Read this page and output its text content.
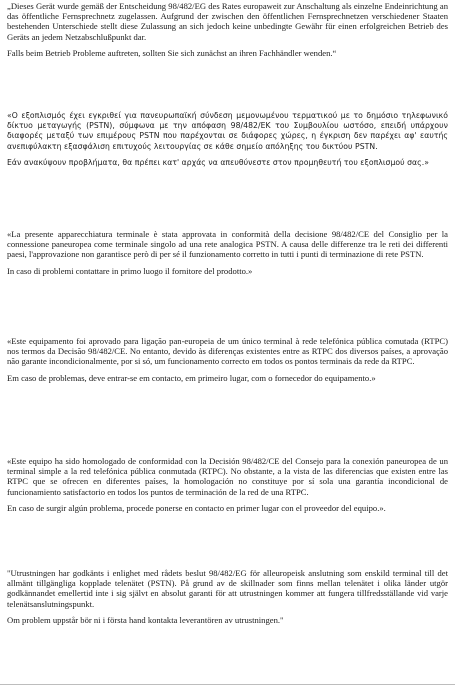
„Dieses Gerät wurde gemäß der Entscheidung 98/482/EG des Rates europaweit zur Anschaltung als einzelne Endeinrichtung an das öffentliche Fernsprechnetz zugelassen. Aufgrund der zwischen den öffentlichen Fernsprechnetzen verschiedener Staaten bestehenden Unterschiede stellt diese Zulassung an sich jedoch keine unbedingte Gewähr für einen erfolgreichen Betrieb des Geräts an jedem Netzabschlußpunkt dar.

Falls beim Betrieb Probleme auftreten, sollten Sie sich zunächst an ihren Fachhändler wenden.“

«Ο εξοπλισμός έχει εγκριθεί για πανευρωπαϊκή σύνδεση μεμονωμένου τερματικού με το δημόσιο τηλεφωνικό δίκτυο μεταγωγής (PSTN), σύμφωνα με την απόφαση 98/482/ΕΚ του Συμβουλίου ωστόσο, επειδή υπάρχουν διαφορές μεταξύ των επιμέρους PSTN που παρέχονται σε διάφορες χώρες, η έγκριση δεν παρέχει αφ' εαυτής ανεπιφύλακτη εξασφάλιση επιτυχούς λειτουργίας σε κάθε σημείο απόληξης του δικτύου PSTN.

Εάν ανακύψουν προβλήματα, θα πρέπει κατ' αρχάς να απευθύνεστε στον προμηθευτή του εξοπλισμού σας.»

«La presente apparecchiatura terminale è stata approvata in conformità della decisione 98/482/CE del Consiglio per la connessione paneuropea come terminale singolo ad una rete analogica PSTN. A causa delle differenze tra le reti dei differenti paesi, l'approvazione non garantisce però di per sé il funzionamento corretto in tutti i punti di terminazione di rete PSTN.

In caso di problemi contattare in primo luogo il fornitore del prodotto.»

«Este equipamento foi aprovado para ligação pan-europeia de um único terminal à rede telefónica pública comutada (RTPC) nos termos da Decisão 98/482/CE. No entanto, devido às diferenças existentes entre as RTPC dos diversos países, a aprovação não garante incondicionalmente, por si só, um funcionamento correcto em todos os pontos terminais da rede da RTPC.

Em caso de problemas, deve entrar-se em contacto, em primeiro lugar, com o fornecedor do equipamento.»

«Este equipo ha sido homologado de conformidad con la Decisión 98/482/CE del Consejo para la conexión paneuropea de un terminal simple a la red telefónica pública conmutada (RTPC). No obstante, a la vista de las diferencias que existen entre las RTPC que se ofrecen en diferentes países, la homologación no constituye por sí sola una garantía incondicional de funcionamiento satisfactorio en todos los puntos de terminación de la red de una RTPC.

En caso de surgir algún problema, procede ponerse en contacto en primer lugar con el proveedor del equipo.».

"Utrustningen har godkänts i enlighet med rådets beslut 98/482/EG för alleuropeisk anslutning som enskild terminal till det allmänt tillgängliga kopplade telenätet (PSTN). På grund av de skillnader som finns mellan telenätet i olika länder utgör godkännandet emellertid inte i sig självt en absolut garanti för att utrustningen kommer att fungera tillfredsställande vid varje telenätsanslutningspunkt.

Om problem uppstår bör ni i första hand kontakta leverantören av utrustningen."
